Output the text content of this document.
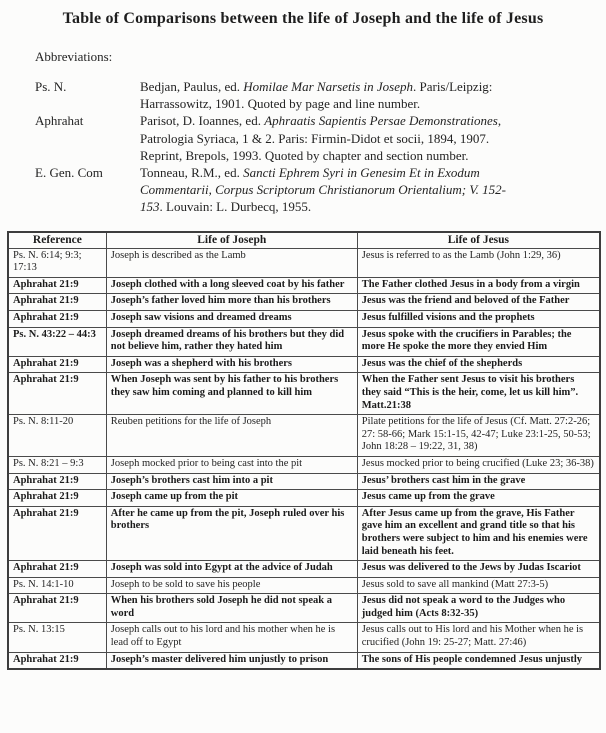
Table of Comparisons between the life of Joseph and the life of Jesus
Abbreviations:
Ps. N.	Bedjan, Paulus, ed. Homilae Mar Narsetis in Joseph. Paris/Leipzig:
Harrassowitz, 1901. Quoted by page and line number.
Aphrahat	Parisot, D. Ioannes, ed. Aphraatis Sapientis Persae Demonstrationes,
Patrologia Syriaca, 1 & 2. Paris: Firmin-Didot et socii, 1894, 1907.
Reprint, Brepols, 1993. Quoted by chapter and section number.
E. Gen. Com	Tonneau, R.M., ed. Sancti Ephrem Syri in Genesim Et in Exodum
Commentarii, Corpus Scriptorum Christianorum Orientalium; V. 152-
153. Louvain: L. Durbecq, 1955.
Reference	Life of Joseph	Life of Jesus
Ps. N. 6:14; 9:3; 17:13	Joseph is described as the Lamb	Jesus is referred to as the Lamb (John 1:29, 36)
Aphrahat 21:9	Joseph clothed with a long sleeved coat by his father	The Father clothed Jesus in a body from a virgin
Aphrahat 21:9	Joseph’s father loved him more than his brothers	Jesus was the friend and beloved of the Father
Aphrahat 21:9	Joseph saw visions and dreamed dreams	Jesus fulfilled visions and the prophets
Ps. N. 43:22 – 44:3	Joseph dreamed dreams of his brothers but they did not believe him, rather they hated him	Jesus spoke with the crucifiers in Parables; the more He spoke the more they envied Him
Aphrahat 21:9	Joseph was a shepherd with his brothers	Jesus was the chief of the shepherds
Aphrahat 21:9	When Joseph was sent by his father to his brothers they saw him coming and planned to kill him	When the Father sent Jesus to visit his brothers they said “This is the heir, come, let us kill him”. Matt.21:38
Ps. N. 8:11-20	Reuben petitions for the life of Joseph	Pilate petitions for the life of Jesus (Cf. Matt. 27:2-26; 27: 58-66; Mark 15:1-15, 42-47; Luke 23:1-25, 50-53; John 18:28 – 19:22, 31, 38)
Ps. N. 8:21 – 9:3	Joseph mocked prior to being cast into the pit	Jesus mocked prior to being crucified (Luke 23; 36-38)
Aphrahat 21:9	Joseph’s brothers cast him into a pit	Jesus’ brothers cast him in the grave
Aphrahat 21:9	Joseph came up from the pit	Jesus came up from the grave
Aphrahat 21:9	After he came up from the pit, Joseph ruled over his brothers	After Jesus came up from the grave, His Father gave him an excellent and grand title so that his brothers were subject to him and his enemies were laid beneath his feet.
Aphrahat 21:9	Joseph was sold into Egypt at the advice of Judah	Jesus was delivered to the Jews by Judas Iscariot
Ps. N. 14:1-10	Joseph to be sold to save his people	Jesus sold to save all mankind (Matt 27:3-5)
Aphrahat 21:9	When his brothers sold Joseph he did not speak a word	Jesus did not speak a word to the Judges who judged him (Acts 8:32-35)
Ps. N. 13:15	Joseph calls out to his lord and his mother when he is lead off to Egypt	Jesus calls out to His lord and his Mother when he is crucified (John 19: 25-27; Matt. 27:46)
Aphrahat 21:9	Joseph’s master delivered him unjustly to prison	The sons of His people condemned Jesus unjustly
